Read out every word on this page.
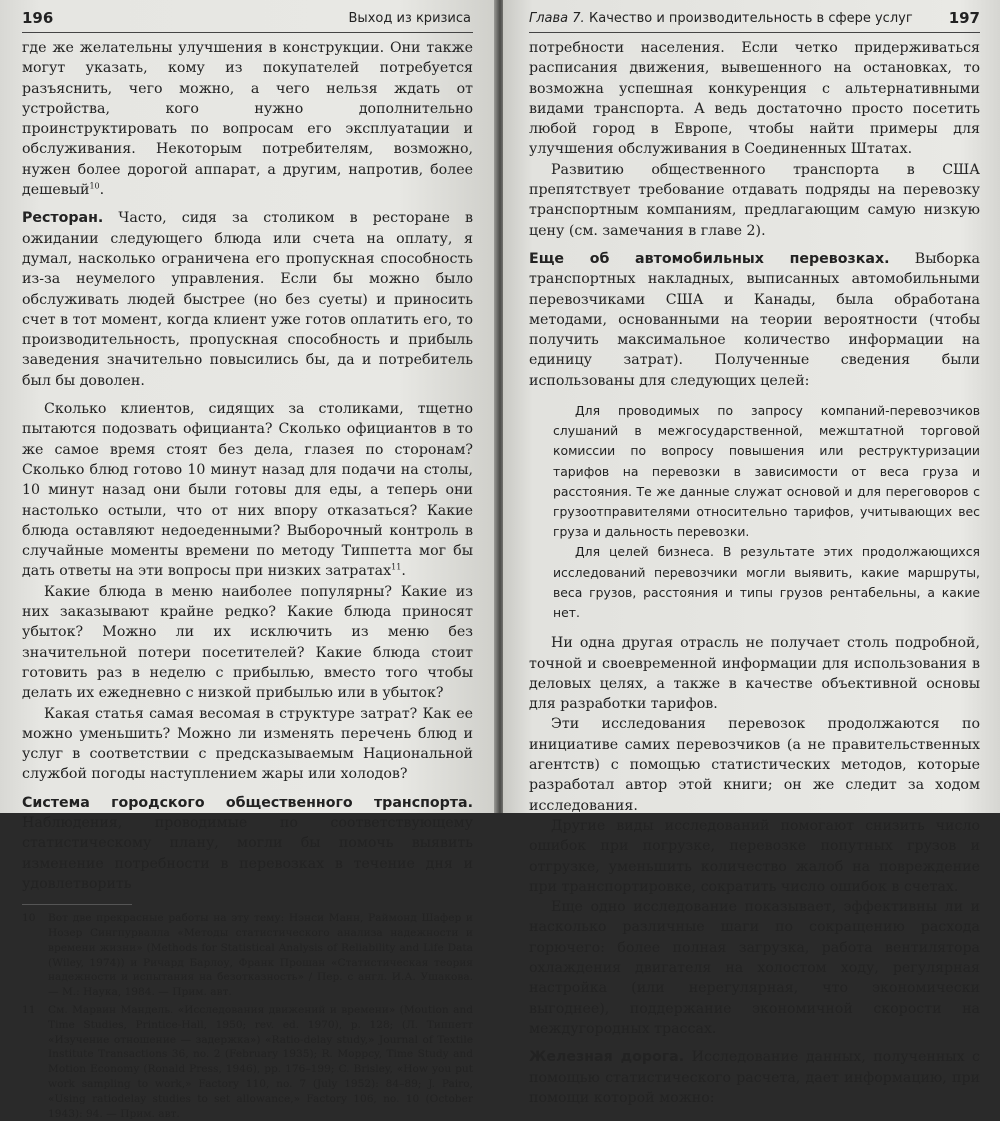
196	Выход из кризиса

где же желательны улучшения в конструкции. Они также могут указать, кому из покупателей потребуется разъяснить, чего можно, а чего нельзя ждать от устройства, кого нужно дополнительно проинструктировать по вопросам его эксплуатации и обслуживания. Некоторым потребителям, возможно, нужен более дорогой аппарат, а другим, напротив, более дешевый$^{10}$.

Ресторан. Часто, сидя за столиком в ресторане в ожидании следующего блюда или счета на оплату, я думал, насколько ограничена его пропускная способность из-за неумелого управления. Если бы можно было обслуживать людей быстрее (но без суеты) и приносить счет в тот момент, когда клиент уже готов оплатить его, то производительность, пропускная способность и прибыль заведения значительно повысились бы, да и потребитель был бы доволен.

Сколько клиентов, сидящих за столиками, тщетно пытаются подозвать официанта? Сколько официантов в то же самое время стоят без дела, глазея по сторонам? Сколько блюд готово 10 минут назад для подачи на столы, 10 минут назад они были готовы для еды, а теперь они настолько остыли, что от них впору отказаться? Какие блюда оставляют недоеденными? Выборочный контроль в случайные моменты времени по методу Типпетта мог бы дать ответы на эти вопросы при низких затратах$^{11}$.

Какие блюда в меню наиболее популярны? Какие из них заказывают крайне редко? Какие блюда приносят убыток? Можно ли их исключить из меню без значительной потери посетителей? Какие блюда стоит готовить раз в неделю с прибылью, вместо того чтобы делать их ежедневно с низкой прибылью или в убыток?

Какая статья самая весомая в структуре затрат? Как ее можно уменьшить? Можно ли изменять перечень блюд и услуг в соответствии с предсказываемым Национальной службой погоды наступлением жары или холодов?

Система городского общественного транспорта. Наблюдения, проводимые по соответствующему статистическому плану, могли бы помочь выявить изменение потребности в перевозках в течение дня и удовлетворить

10	Вот две прекрасные работы на эту тему: Нэнси Манн, Раймонд Шафер и Нозер Сингпурвалла «Методы статистического анализа надежности и времени жизни» (Methods for Statistical Analysis of Reliability and Life Data (Wiley, 1974)) и Ричард Барлоу, Франк Прошан «Статистическая теория надежности и испытания на безотказность» / Пер. с англ. И.А. Ушакова. — М.: Наука, 1984. — Прим. авт.
11	См. Марвин Мандель. «Исследования движений и времени» (Moution and Time Studies, Printice-Hall, 1950; rev. ed. 1970), p. 128; (Л. Типпетт «Изучение отношение — задержка») «Ratio-delay study,» Journal of Textile Institute Transactions 36, no. 2 (February 1935); R. Moppcy, Time Study and Motion Economy (Ronald Press, 1946), pp. 176–199; C. Brisley, «How you put work sampling to work,» Factory 110, no. 7 (July 1952): 84–89; J. Pairo, «Using ratiodelay studies to set allowance,» Factory 106, no. 10 (October 1943): 94. — Прим. авт.
Глава 7. Качество и производительность в сфере услуг 197

потребности населения. Если четко придерживаться расписания движения, вывешенного на остановках, то возможна успешная конкуренция с альтернативными видами транспорта. А ведь достаточно просто посетить любой город в Европе, чтобы найти примеры для улучшения обслуживания в Соединенных Штатах.

Развитию общественного транспорта в США препятствует требование отдавать подряды на перевозку транспортным компаниям, предлагающим самую низкую цену (см. замечания в главе 2).

Еще об автомобильных перевозках. Выборка транспортных накладных, выписанных автомобильными перевозчиками США и Канады, была обработана методами, основанными на теории вероятности (чтобы получить максимальное количество информации на единицу затрат). Полученные сведения были использованы для следующих целей:

Для проводимых по запросу компаний-перевозчиков слушаний в межгосударственной, межштатной торговой комиссии по вопросу повышения или реструктуризации тарифов на перевозки в зависимости от веса груза и расстояния. Те же данные служат основой и для переговоров с грузоотправителями относительно тарифов, учитывающих вес груза и дальность перевозки.

Для целей бизнеса. В результате этих продолжающихся исследований перевозчики могли выявить, какие маршруты, веса грузов, расстояния и типы грузов рентабельны, а какие нет.

Ни одна другая отрасль не получает столь подробной, точной и своевременной информации для использования в деловых целях, а также в качестве объективной основы для разработки тарифов.

Эти исследования перевозок продолжаются по инициативе самих перевозчиков (а не правительственных агентств) с помощью статистических методов, которые разработал автор этой книги; он же следит за ходом исследования.

Другие виды исследований помогают снизить число ошибок при погрузке, перевозке попутных грузов и отгрузке, уменьшить количество жалоб на повреждение при транспортировке, сократить число ошибок в счетах.

Еще одно исследование показывает, эффективны ли и насколько различные шаги по сокращению расхода горючего: более полная загрузка, работа вентилятора охлаждения двигателя на холостом ходу, регулярная настройка (или нерегулярная, что экономически выгоднее), поддержание экономичной скорости на междугородных трассах.

Железная дорога. Исследование данных, полученных с помощью статистического расчета, дает информацию, при помощи которой можно:
